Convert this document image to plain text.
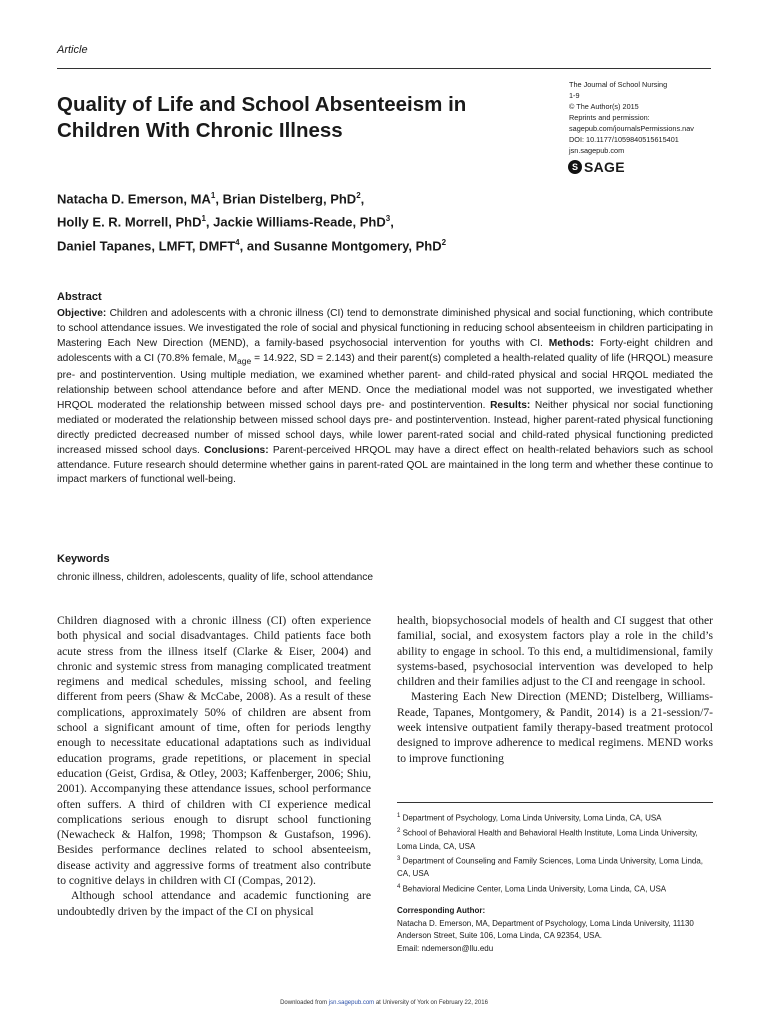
Article
Quality of Life and School Absenteeism in Children With Chronic Illness
The Journal of School Nursing
1-9
© The Author(s) 2015
Reprints and permission:
sagepub.com/journalsPermissions.nav
DOI: 10.1177/1059840515615401
jsn.sagepub.com
S SAGE
Natacha D. Emerson, $MA^1$, Brian Distelberg, PhD$^2$,
Holly E. R. Morrell, PhD$^1$, Jackie Williams-Reade, PhD$^3$,
Daniel Tapanes, LMFT, DMFT$^4$, and Susanne Montgomery, PhD$^2$
Abstract

Objective: Children and adolescents with a chronic illness (CI) tend to demonstrate diminished physical and social functioning, which contribute to school attendance issues. We investigated the role of social and physical functioning in reducing school absenteeism in children participating in Mastering Each New Direction (MEND), a family-based psychosocial intervention for youths with CI. Methods: Forty-eight children and adolescents with a CI (70.8% female, $M_{age} = 14.922$, SD = 2.143) and their parent(s) completed a health-related quality of life (HRQOL) measure pre- and postintervention. Using multiple mediation, we examined whether parent- and child-rated physical and social HRQOL mediated the relationship between school attendance before and after MEND. Once the mediational model was not supported, we investigated whether HRQOL moderated the relationship between missed school days pre- and postintervention. Results: Neither physical nor social functioning mediated or moderated the relationship between missed school days pre- and postintervention. Instead, higher parent-rated physical functioning directly predicted decreased number of missed school days, while lower parent-rated social and child-rated physical functioning predicted increased missed school days. Conclusions: Parent-perceived HRQOL may have a direct effect on health-related behaviors such as school attendance. Future research should determine whether gains in parent-rated QOL are maintained in the long term and whether these continue to impact markers of functional well-being.

Keywords
chronic illness, children, adolescents, quality of life, school attendance

Children diagnosed with a chronic illness (CI) often experience both physical and social disadvantages. Child patients face both acute stress from the illness itself (Clarke & Eiser, 2004) and chronic and systemic stress from managing complicated treatment regimens and medical schedules, missing school, and feeling different from peers (Shaw & McCabe, 2008). As a result of these complications, approximately 50% of children are absent from school a significant amount of time, often for periods lengthy enough to necessitate educational adaptations such as individual education programs, grade repetitions, or placement in special education (Geist, Grdisa, & Otley, 2003; Kaffenberger, 2006; Shiu, 2001). Accompanying these attendance issues, school performance often suffers. A third of children with CI experience medical complications serious enough to disrupt school functioning (Newacheck & Halfon, 1998; Thompson & Gustafson, 1996). Besides performance declines related to school absenteeism, disease activity and aggressive forms of treatment also contribute to cognitive delays in children with CI (Compas, 2012).

Although school attendance and academic functioning are undoubtedly driven by the impact of the CI on physical

health, biopsychosocial models of health and CI suggest that other familial, social, and exosystem factors play a role in the child’s ability to engage in school. To this end, a multidimensional, family systems-based, psychosocial intervention was developed to help children and their families adjust to the CI and reengage in school.

Mastering Each New Direction (MEND; Distelberg, Williams-Reade, Tapanes, Montgomery, & Pandit, 2014) is a 21-session/7-week intensive outpatient family therapy-based treatment protocol designed to improve adherence to medical regimens. MEND works to improve functioning

$^1$ Department of Psychology, Loma Linda University, Loma Linda, CA, USA
$^2$ School of Behavioral Health and Behavioral Health Institute, Loma Linda University, Loma Linda, CA, USA
$^3$ Department of Counseling and Family Sciences, Loma Linda University, Loma Linda, CA, USA
$^4$ Behavioral Medicine Center, Loma Linda University, Loma Linda, CA, USA
Corresponding Author:
Natacha D. Emerson, MA, Department of Psychology, Loma Linda University, 11130 Anderson Street, Suite 106, Loma Linda, CA 92354, USA.
Email: ndemerson@llu.edu
Downloaded from jsn.sagepub.com at University of York on February 22, 2016
